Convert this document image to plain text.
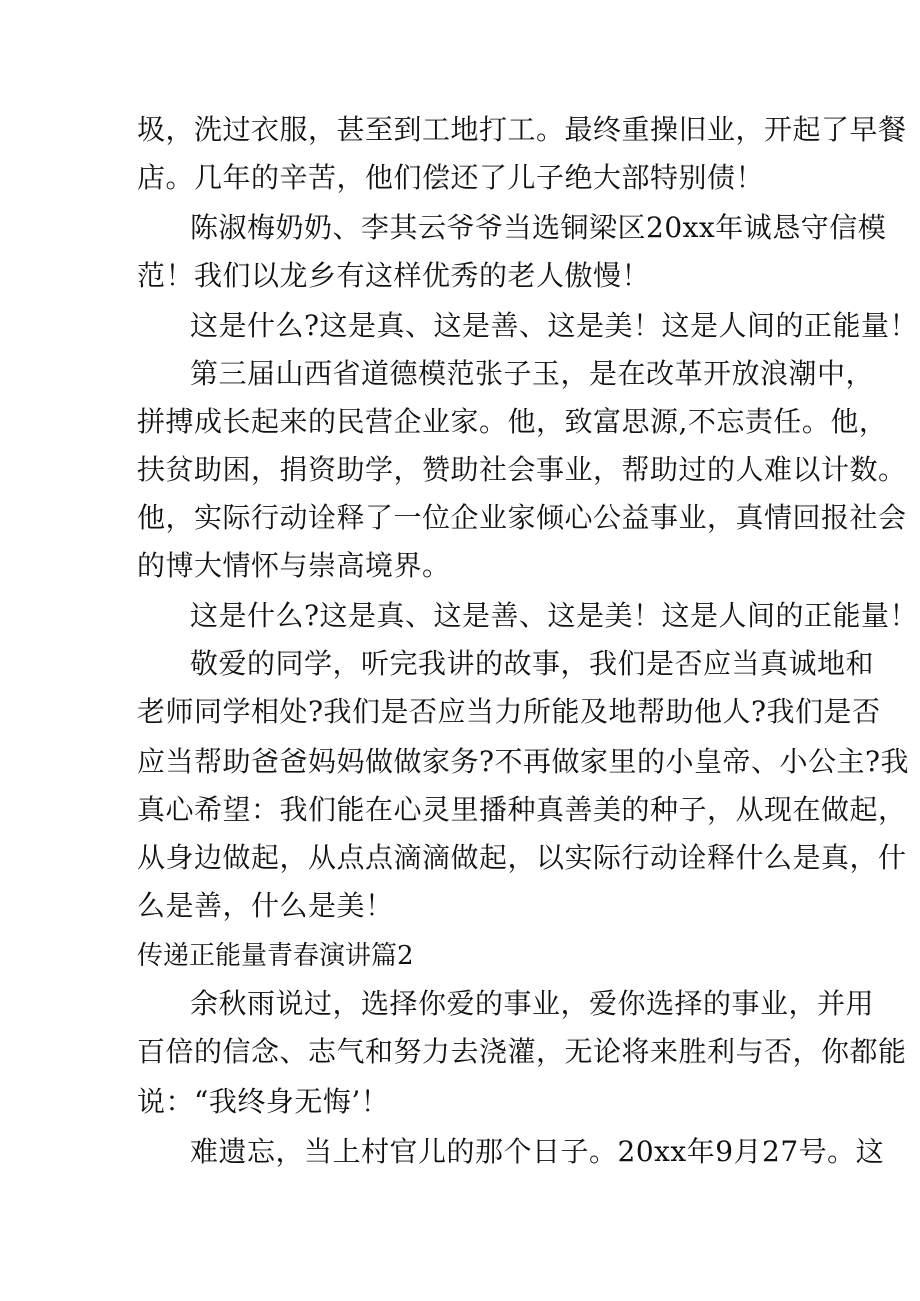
圾，洗过衣服，甚至到工地打工。最终重操旧业，开起了早餐
店。几年的辛苦，他们偿还了儿子绝大部特别债！
陈淑梅奶奶、李其云爷爷当选铜梁区20xx年诚恳守信模
范！我们以龙乡有这样优秀的老人傲慢！
这是什么?这是真、这是善、这是美！这是人间的正能量！
第三届山西省道德模范张子玉，是在改革开放浪潮中，
拼搏成长起来的民营企业家。他，致富思源,不忘责任。他，
扶贫助困，捐资助学，赞助社会事业，帮助过的人难以计数。
他，实际行动诠释了一位企业家倾心公益事业，真情回报社会
的博大情怀与崇高境界。
这是什么?这是真、这是善、这是美！这是人间的正能量！
敬爱的同学，听完我讲的故事，我们是否应当真诚地和
老师同学相处?我们是否应当力所能及地帮助他人?我们是否
应当帮助爸爸妈妈做做家务?不再做家里的小皇帝、小公主?我
真心希望：我们能在心灵里播种真善美的种子，从现在做起，
从身边做起，从点点滴滴做起，以实际行动诠释什么是真，什
么是善，什么是美！
传递正能量青春演讲篇2
余秋雨说过，选择你爱的事业，爱你选择的事业，并用
百倍的信念、志气和努力去浇灌，无论将来胜利与否，你都能
说：“我终身无悔’！
难遗忘，当上村官儿的那个日子。20xx年9月27号。这
